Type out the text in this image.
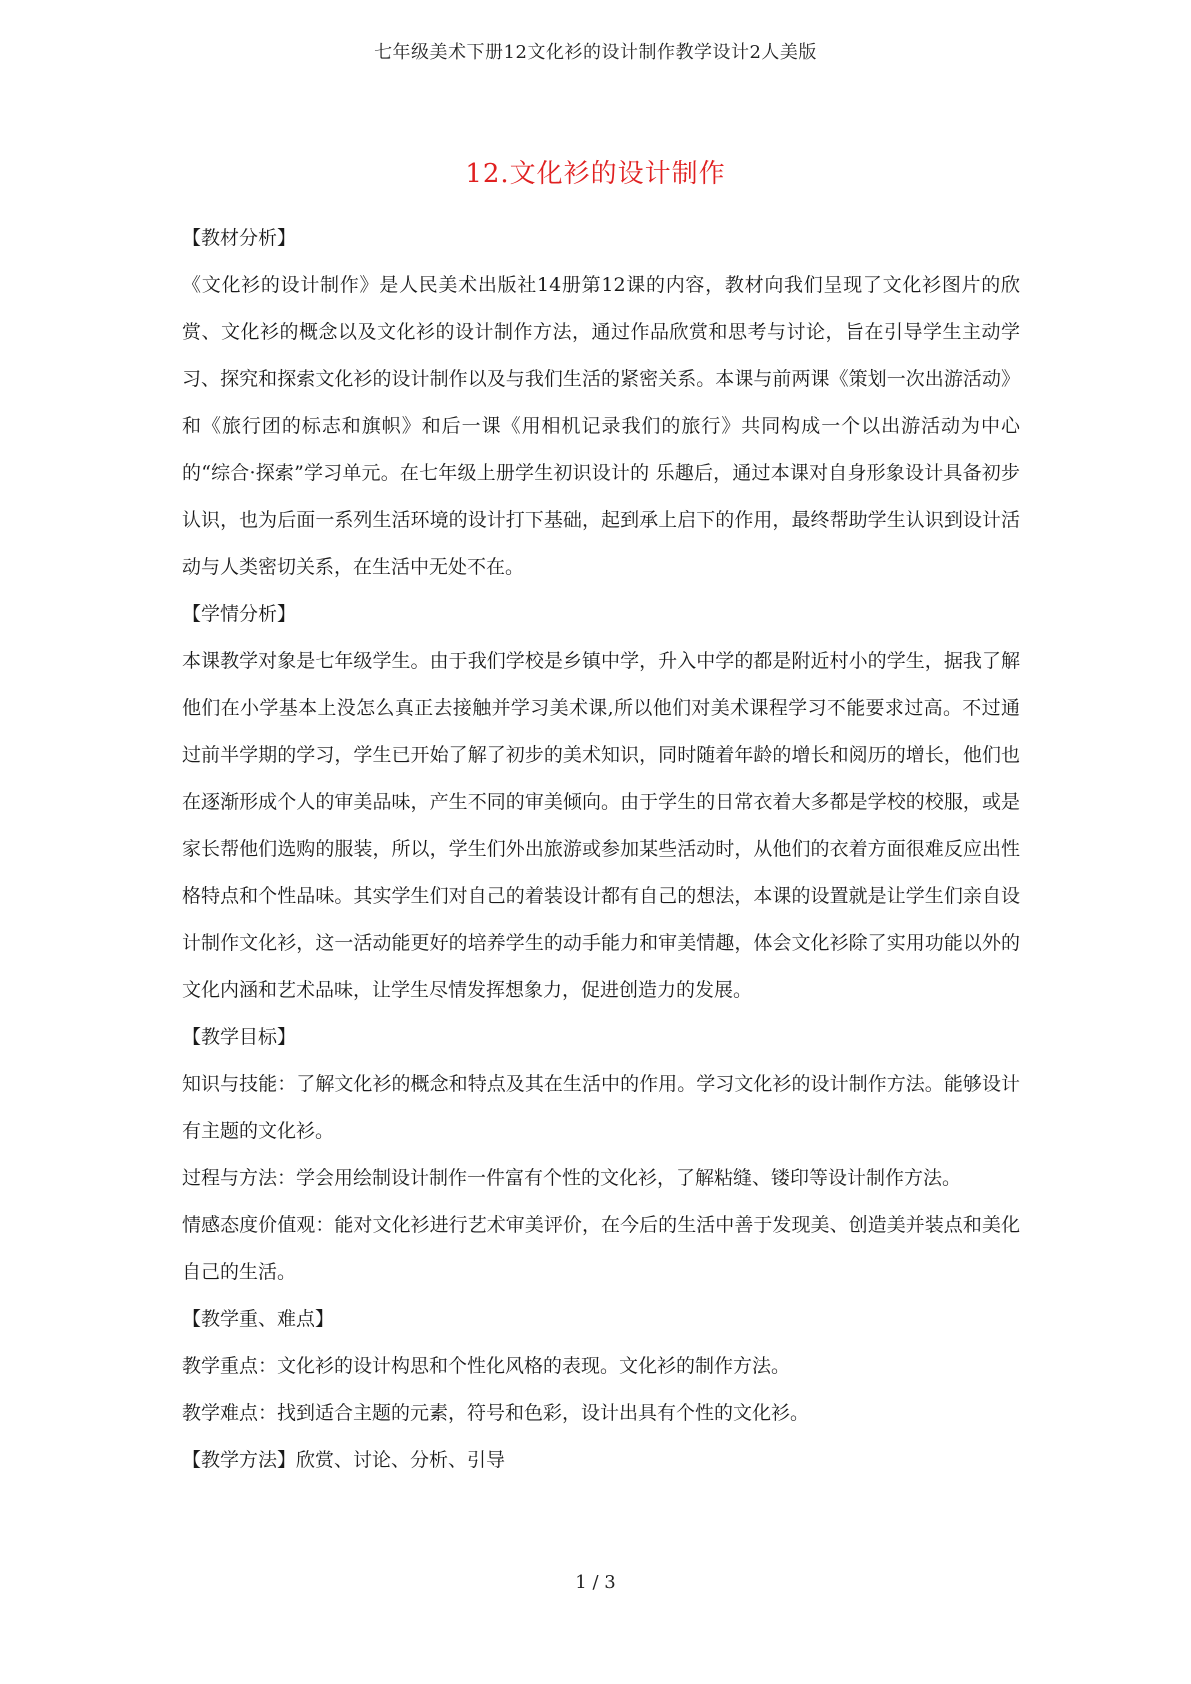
七年级美术下册12文化衫的设计制作教学设计2人美版
12.文化衫的设计制作

【教材分析】

《文化衫的设计制作》是人民美术出版社14册第12课的内容，教材向我们呈现了文化衫图片的欣赏、文化衫的概念以及文化衫的设计制作方法，通过作品欣赏和思考与讨论，旨在引导学生主动学习、探究和探索文化衫的设计制作以及与我们生活的紧密关系。本课与前两课《策划一次出游活动》和《旅行团的标志和旗帜》和后一课《用相机记录我们的旅行》共同构成一个以出游活动为中心的“综合·探索”学习单元。在七年级上册学生初识设计的 乐趣后，通过本课对自身形象设计具备初步认识，也为后面一系列生活环境的设计打下基础，起到承上启下的作用，最终帮助学生认识到设计活动与人类密切关系，在生活中无处不在。

【学情分析】

本课教学对象是七年级学生。由于我们学校是乡镇中学，升入中学的都是附近村小的学生，据我了解他们在小学基本上没怎么真正去接触并学习美术课,所以他们对美术课程学习不能要求过高。不过通过前半学期的学习，学生已开始了解了初步的美术知识，同时随着年龄的增长和阅历的增长，他们也在逐渐形成个人的审美品味，产生不同的审美倾向。由于学生的日常衣着大多都是学校的校服，或是家长帮他们选购的服装，所以，学生们外出旅游或参加某些活动时，从他们的衣着方面很难反应出性格特点和个性品味。其实学生们对自己的着装设计都有自己的想法，本课的设置就是让学生们亲自设计制作文化衫，这一活动能更好的培养学生的动手能力和审美情趣，体会文化衫除了实用功能以外的文化内涵和艺术品味，让学生尽情发挥想象力，促进创造力的发展。

【教学目标】

知识与技能：了解文化衫的概念和特点及其在生活中的作用。学习文化衫的设计制作方法。能够设计有主题的文化衫。

过程与方法：学会用绘制设计制作一件富有个性的文化衫，了解粘缝、镂印等设计制作方法。

情感态度价值观：能对文化衫进行艺术审美评价，在今后的生活中善于发现美、创造美并装点和美化自己的生活。

【教学重、难点】

教学重点：文化衫的设计构思和个性化风格的表现。文化衫的制作方法。

教学难点：找到适合主题的元素，符号和色彩，设计出具有个性的文化衫。

【教学方法】欣赏、讨论、分析、引导

1 / 3
